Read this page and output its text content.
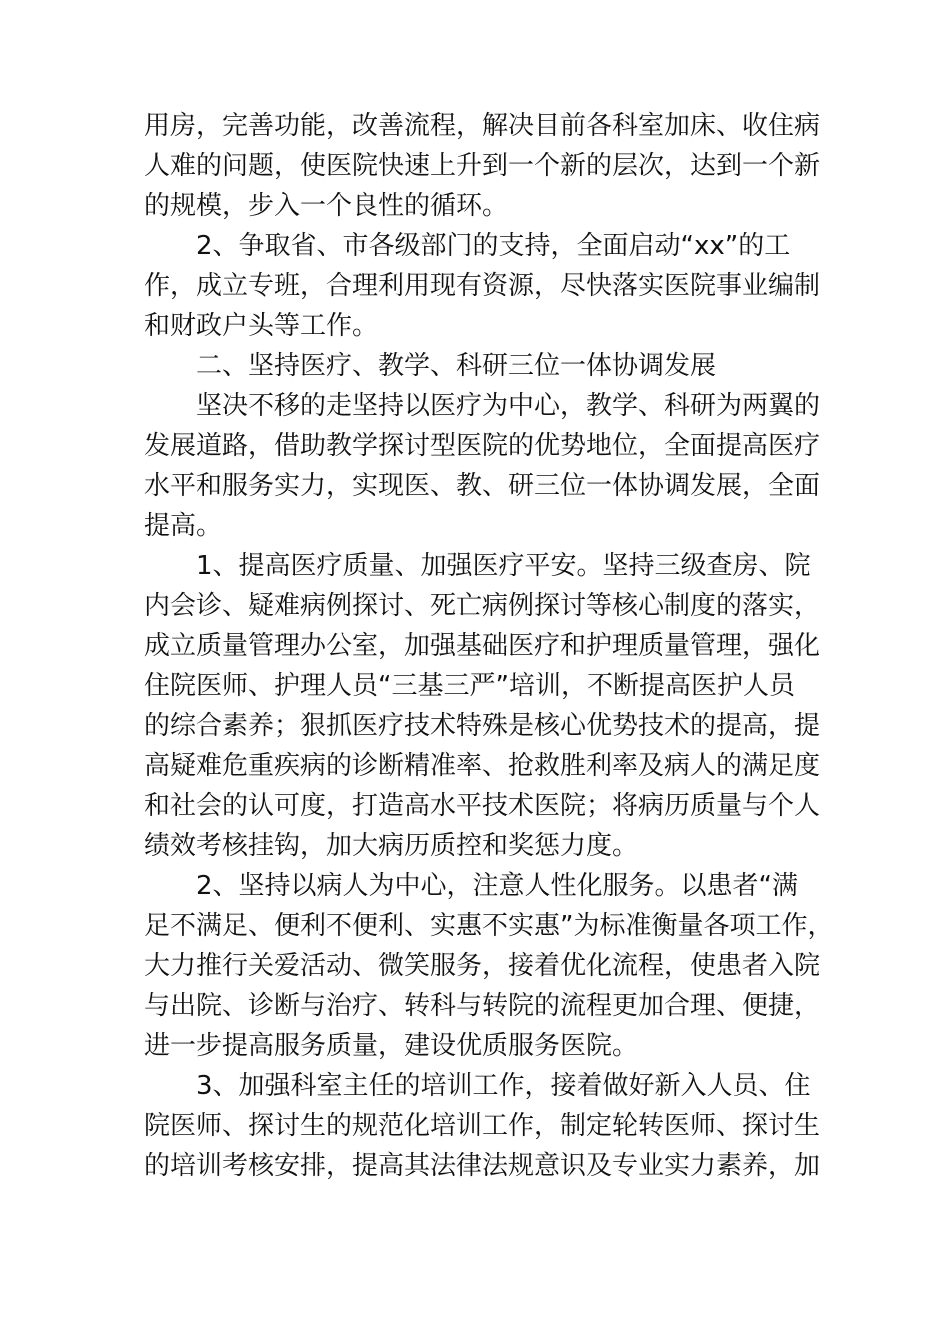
用房，完善功能，改善流程，解决目前各科室加床、收住病
人难的问题，使医院快速上升到一个新的层次，达到一个新
的规模，步入一个良性的循环。
2、争取省、市各级部门的支持，全面启动“xx”的工
作，成立专班，合理利用现有资源，尽快落实医院事业编制
和财政户头等工作。
二、坚持医疗、教学、科研三位一体协调发展
坚决不移的走坚持以医疗为中心，教学、科研为两翼的
发展道路，借助教学探讨型医院的优势地位，全面提高医疗
水平和服务实力，实现医、教、研三位一体协调发展，全面
提高。
1、提高医疗质量、加强医疗平安。坚持三级查房、院
内会诊、疑难病例探讨、死亡病例探讨等核心制度的落实，
成立质量管理办公室，加强基础医疗和护理质量管理，强化
住院医师、护理人员“三基三严”培训，不断提高医护人员
的综合素养；狠抓医疗技术特殊是核心优势技术的提高，提
高疑难危重疾病的诊断精准率、抢救胜利率及病人的满足度
和社会的认可度，打造高水平技术医院；将病历质量与个人
绩效考核挂钩，加大病历质控和奖惩力度。
2、坚持以病人为中心，注意人性化服务。以患者“满
足不满足、便利不便利、实惠不实惠”为标准衡量各项工作，
大力推行关爱活动、微笑服务，接着优化流程，使患者入院
与出院、诊断与治疗、转科与转院的流程更加合理、便捷，
进一步提高服务质量，建设优质服务医院。
3、加强科室主任的培训工作，接着做好新入人员、住
院医师、探讨生的规范化培训工作，制定轮转医师、探讨生
的培训考核安排，提高其法律法规意识及专业实力素养，加
